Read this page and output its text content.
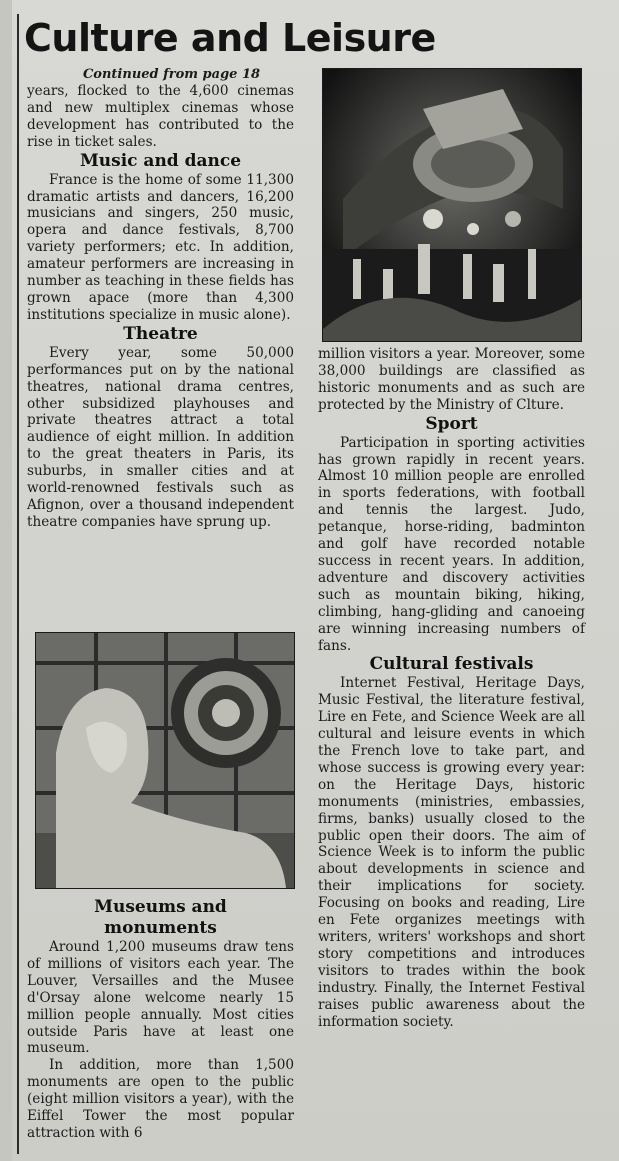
Culture and Leisure

Continued from page 18

years, flocked to the 4,600 cinemas and new multiplex cinemas whose development has contributed to the rise in ticket sales.

Music and dance

France is the home of some 11,300 dramatic artists and dancers, 16,200 musicians and singers, 250 music, opera and dance festivals, 8,700 variety performers; etc. In addition, amateur performers are increasing in number as teaching in these fields has grown apace (more than 4,300 institutions specialize in music alone).

Theatre

Every year, some 50,000 performances put on by the national theatres, national drama centres, other subsidized playhouses and private theatres attract a total audience of eight million. In addition to the great theaters in Paris, its suburbs, in smaller cities and at world-renowned festivals such as Afignon, over a thousand independent theatre companies have sprung up.

Museums and monuments

Around 1,200 museums draw tens of millions of visitors each year. The Louver, Versailles and the Musee d'Orsay alone welcome nearly 15 million people annually. Most cities outside Paris have at least one museum.

In addition, more than 1,500 monuments are open to the public (eight million visitors a year), with the Eiffel Tower the most popular attraction with 6

million visitors a year. Moreover, some 38,000 buildings are classified as historic monuments and as such are protected by the Ministry of Clture.

Sport

Participation in sporting activities has grown rapidly in recent years. Almost 10 million people are enrolled in sports federations, with football and tennis the largest. Judo, petanque, horse-riding, badminton and golf have recorded notable success in recent years. In addition, adventure and discovery activities such as mountain biking, hiking, climbing, hang-gliding and canoeing are winning increasing numbers of fans.

Cultural festivals

Internet Festival, Heritage Days, Music Festival, the literature festival, Lire en Fete, and Science Week are all cultural and leisure events in which the French love to take part, and whose success is growing every year: on the Heritage Days, historic monuments (ministries, embassies, firms, banks) usually closed to the public open their doors. The aim of Science Week is to inform the public about developments in science and their implications for society. Focusing on books and reading, Lire en Fete organizes meetings with writers, writers' workshops and short story competitions and introduces visitors to trades within the book industry. Finally, the Internet Festival raises public awareness about the information society.
